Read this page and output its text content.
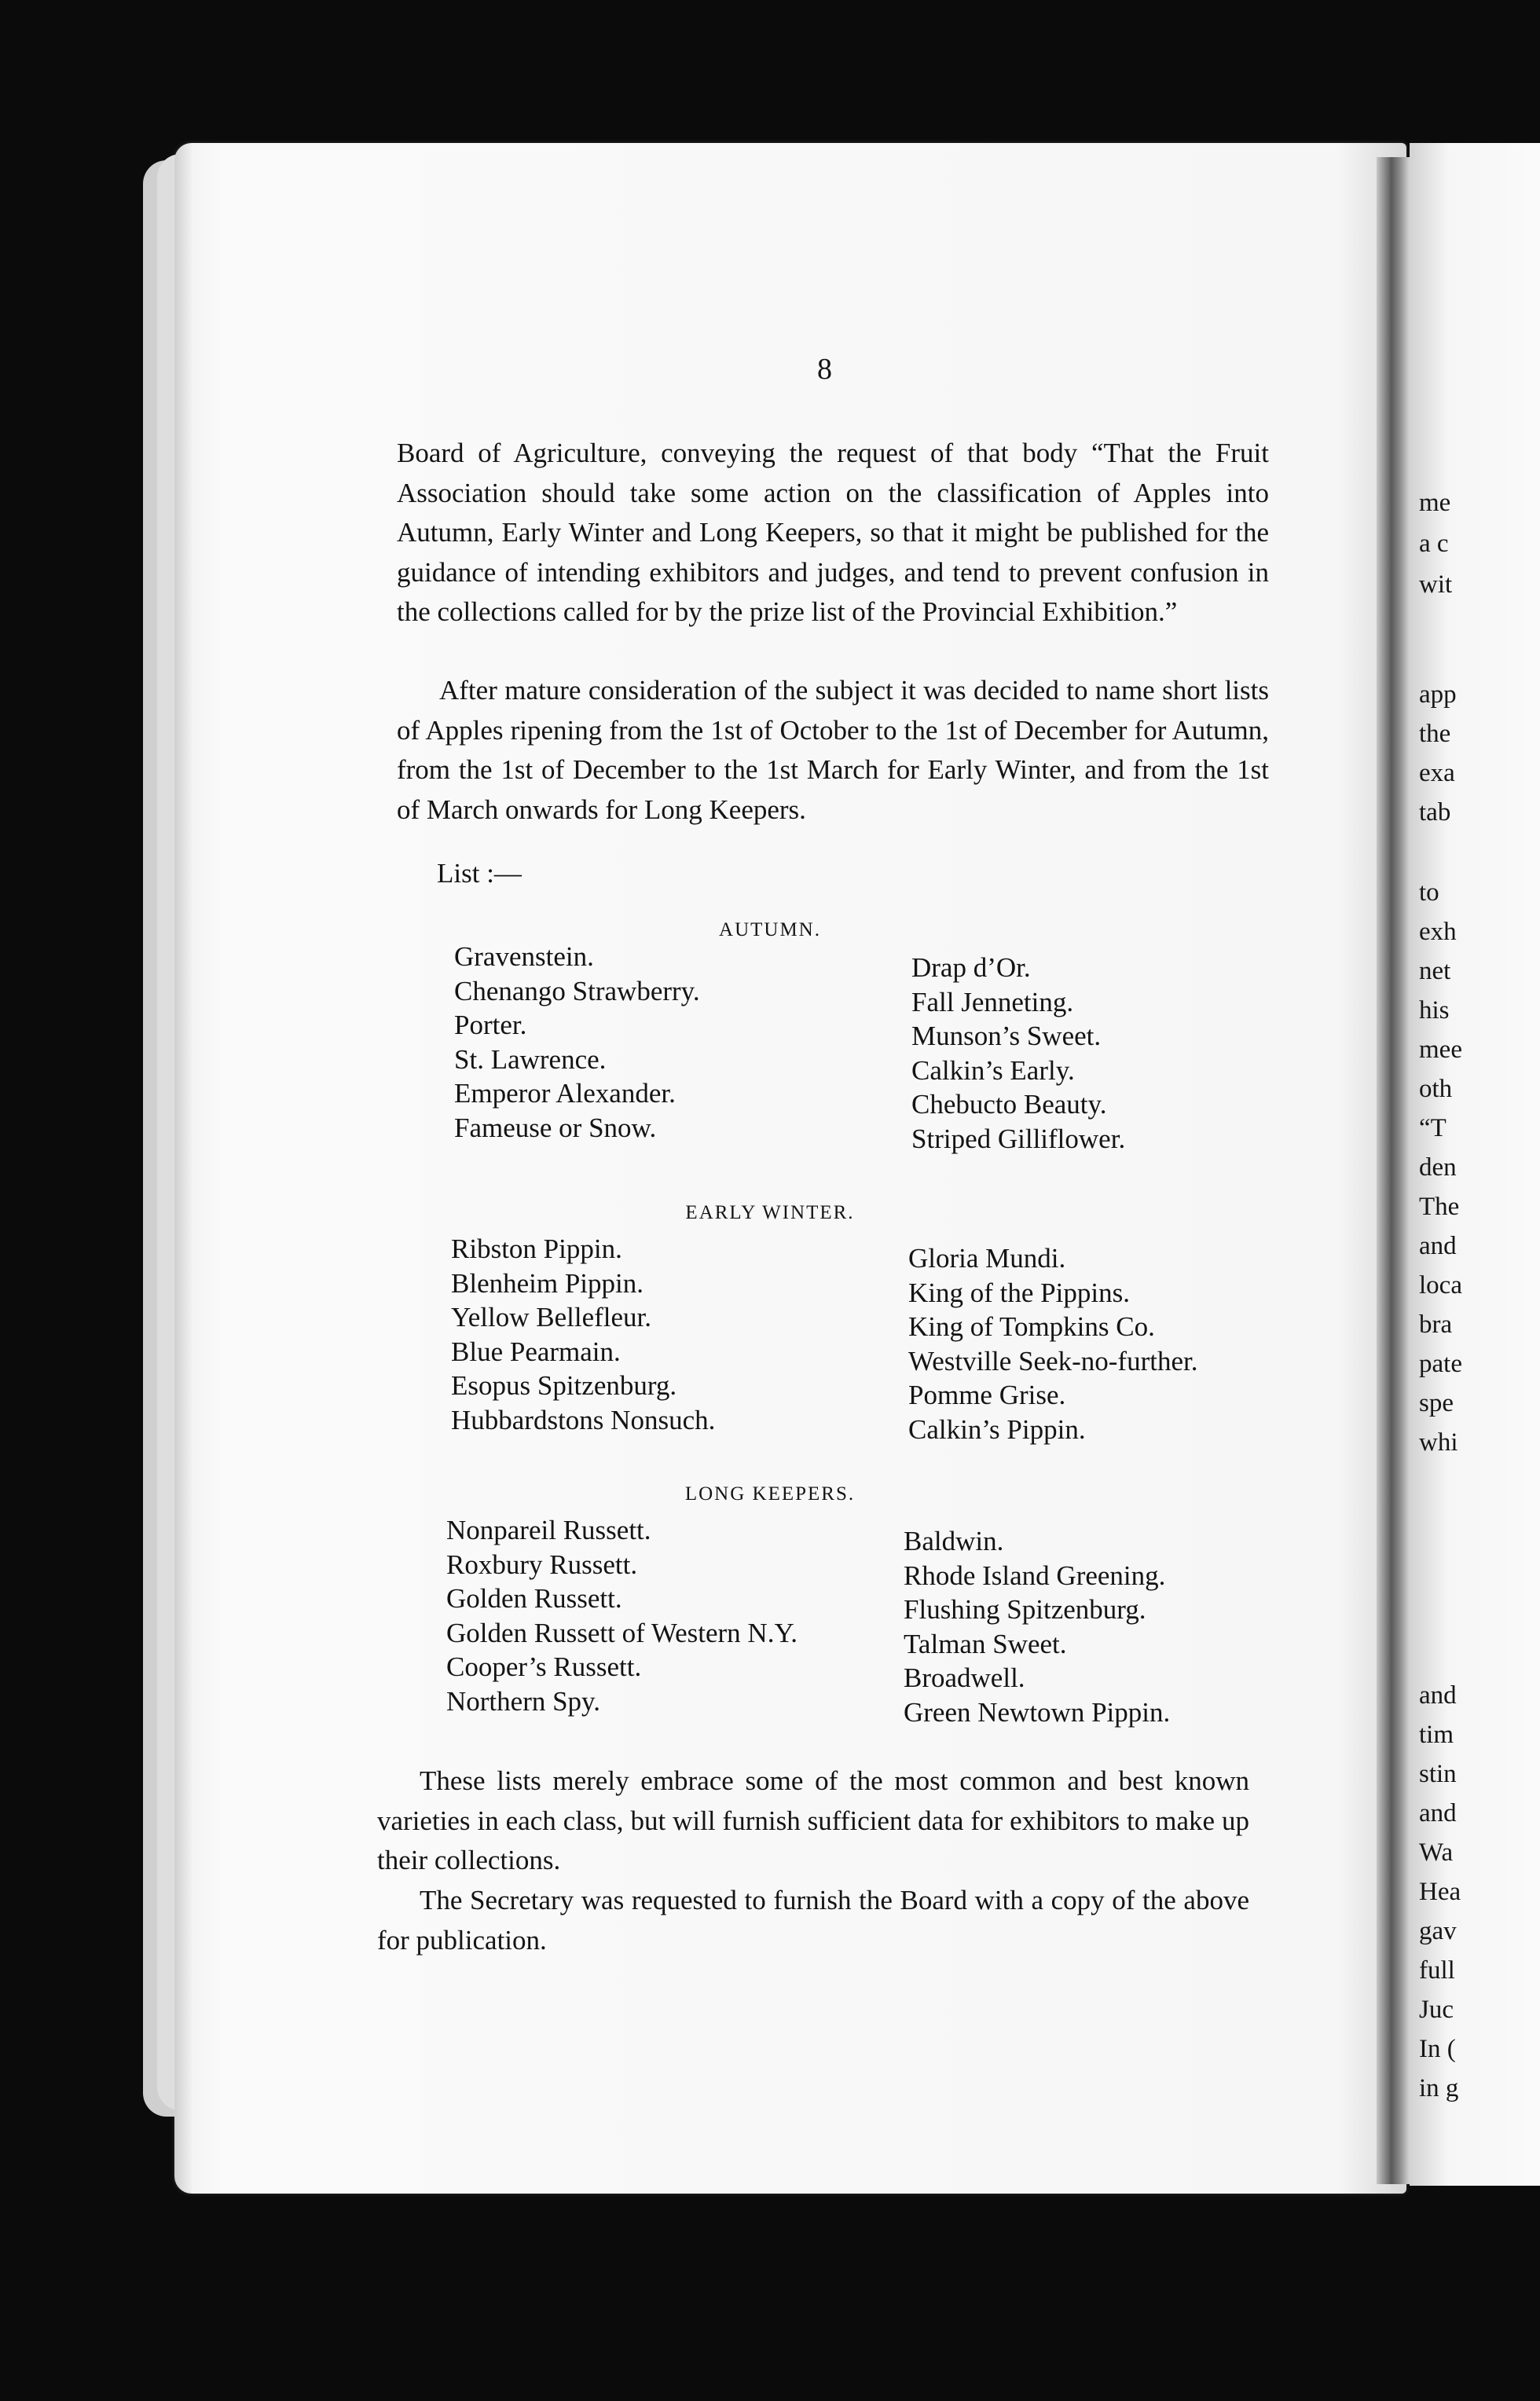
me
a c
wit
app
the
exa
tab
to
exh
net
his
mee
oth
“T
den
The
and
loca
bra
pate
spe
whi
and
tim
stin
and
Wa
Hea
gav
full
Juc
In (
in g
8

Board of Agriculture, conveying the request of that body “That the Fruit Association should take some action on the classification of Apples into Autumn, Early Winter and Long Keepers, so that it might be published for the guidance of intending exhibitors and judges, and tend to prevent confusion in the collections called for by the prize list of the Provincial Exhibition.”

After mature consideration of the subject it was decided to name short lists of Apples ripening from the 1st of October to the 1st of December for Autumn, from the 1st of December to the 1st March for Early Winter, and from the 1st of March onwards for Long Keepers.

List :—
AUTUMN.
Gravenstein.
Chenango Strawberry.
Porter.
St. Lawrence.
Emperor Alexander.
Fameuse or Snow.
Drap d’Or.
Fall Jenneting.
Munson’s Sweet.
Calkin’s Early.
Chebucto Beauty.
Striped Gilliflower.
EARLY WINTER.
Ribston Pippin.
Blenheim Pippin.
Yellow Bellefleur.
Blue Pearmain.
Esopus Spitzenburg.
Hubbardstons Nonsuch.
Gloria Mundi.
King of the Pippins.
King of Tompkins Co.
Westville Seek-no-further.
Pomme Grise.
Calkin’s Pippin.
LONG KEEPERS.
Nonpareil Russett.
Roxbury Russett.
Golden Russett.
Golden Russett of Western N.Y.
Cooper’s Russett.
Northern Spy.
Baldwin.
Rhode Island Greening.
Flushing Spitzenburg.
Talman Sweet.
Broadwell.
Green Newtown Pippin.

These lists merely embrace some of the most common and best known varieties in each class, but will furnish sufficient data for exhibitors to make up their collections.

The Secretary was requested to furnish the Board with a copy of the above for publication.
